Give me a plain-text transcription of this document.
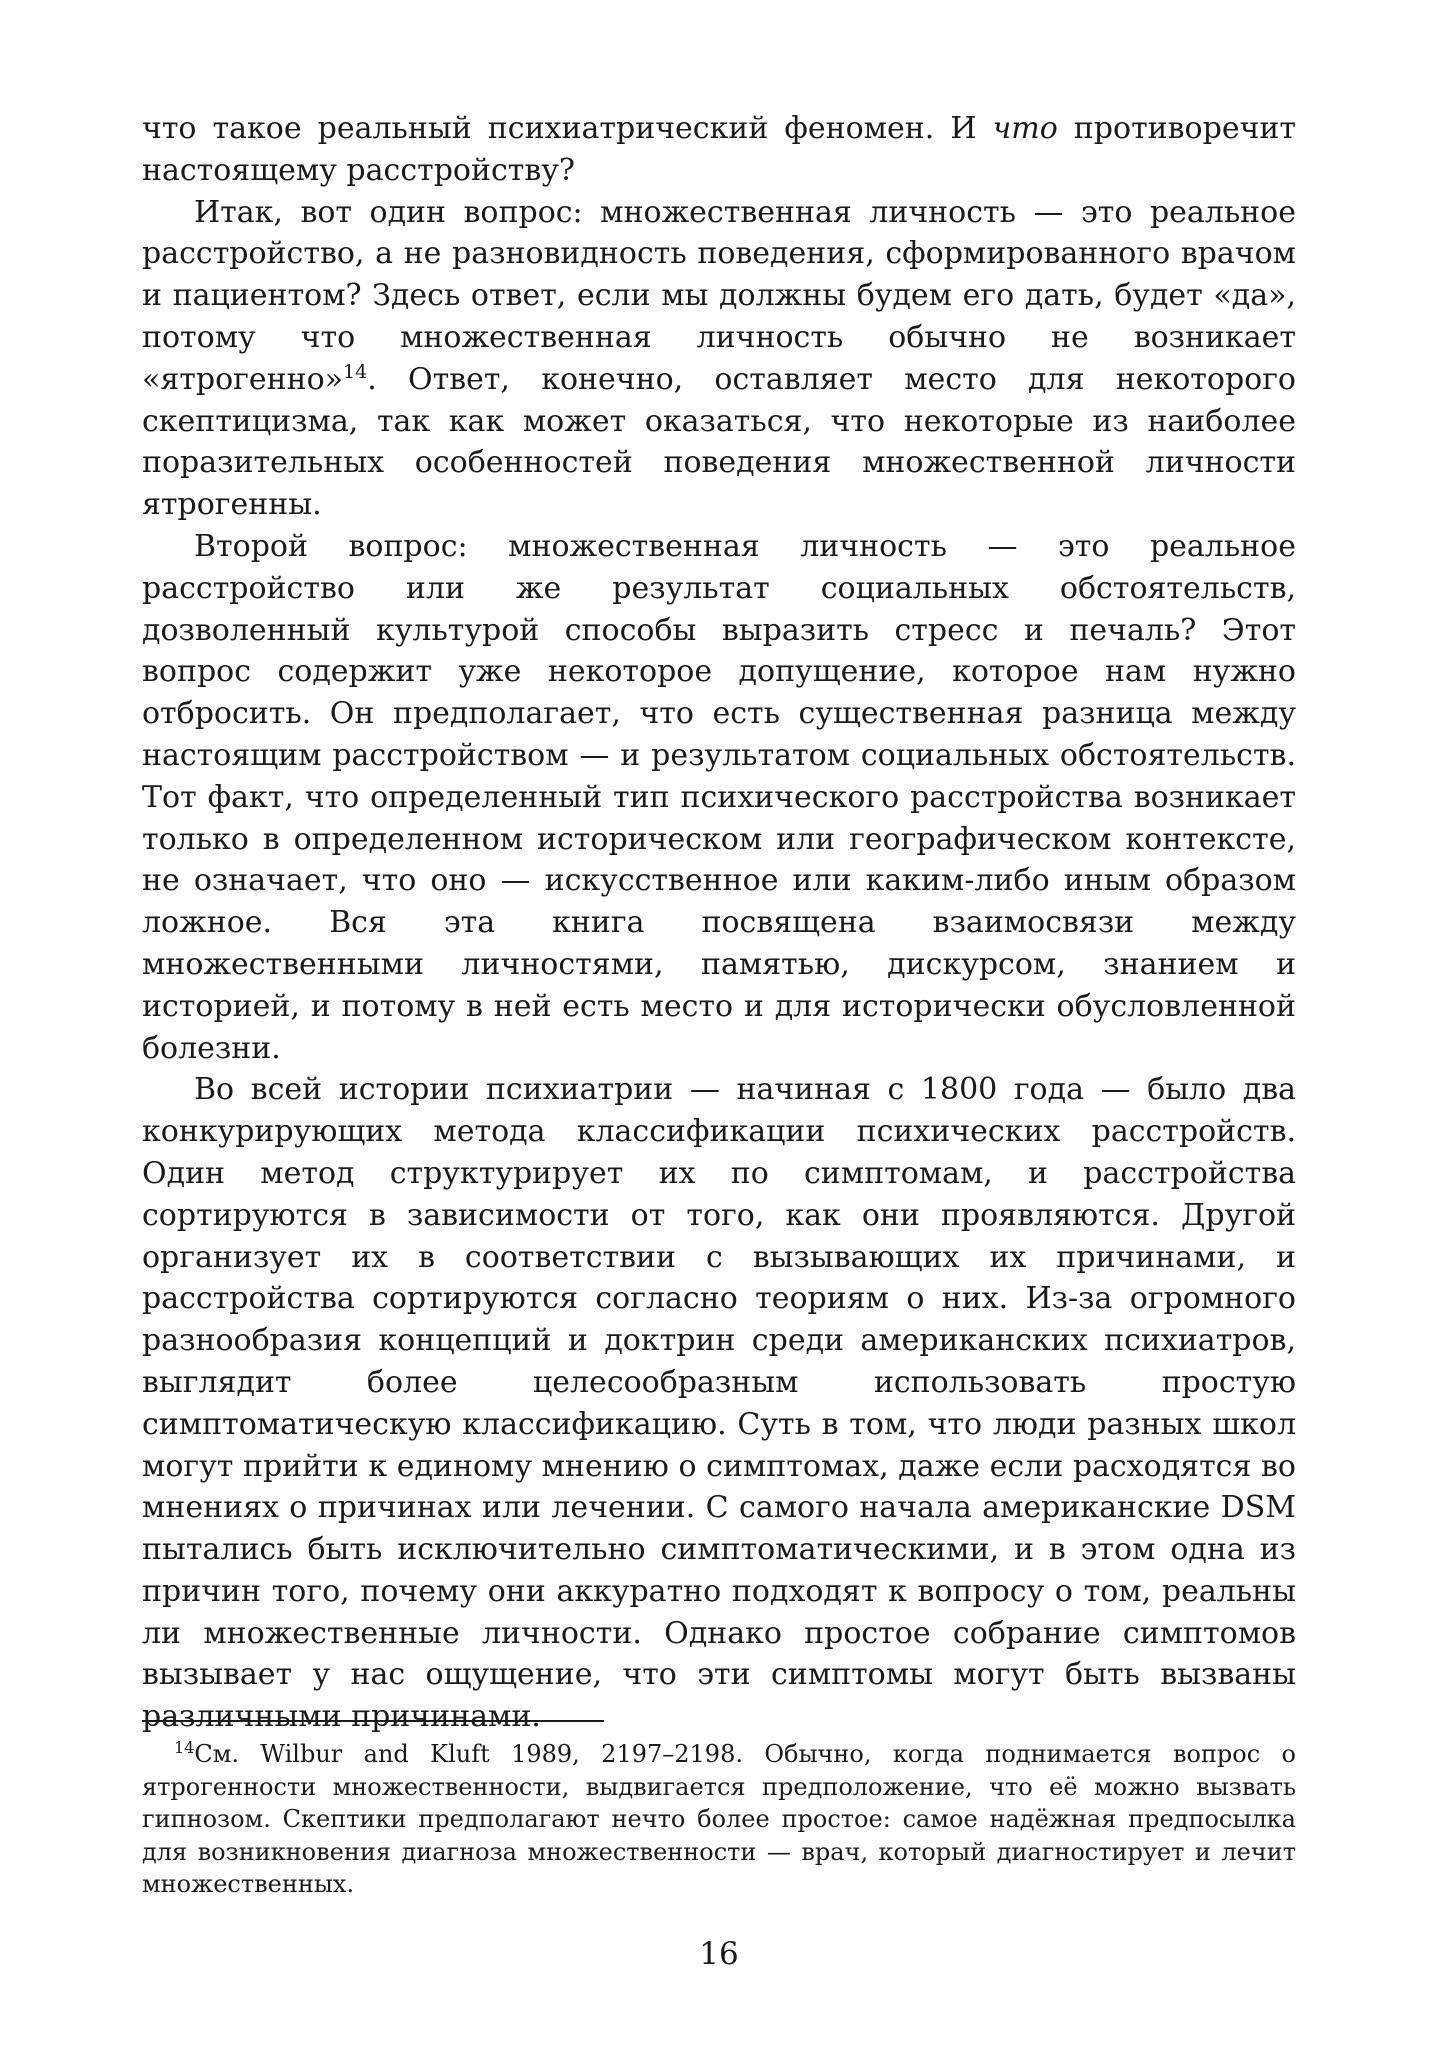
что такое реальный психиатрический феномен. И что противоречит настоящему расстройству?

Итак, вот один вопрос: множественная личность — это реальное расстройство, а не разновидность поведения, сформированного врачом и пациентом? Здесь ответ, если мы должны будем его дать, будет «да», потому что множественная личность обычно не возникает «ятрогенно»$^{14}$. Ответ, конечно, оставляет место для некоторого скептицизма, так как может оказаться, что некоторые из наиболее поразительных особенностей поведения множественной личности ятрогенны.

Второй вопрос: множественная личность — это реальное расстройство или же результат социальных обстоятельств, дозволенный культурой способы выразить стресс и печаль? Этот вопрос содержит уже некоторое допущение, которое нам нужно отбросить. Он предполагает, что есть существенная разница между настоящим расстройством — и результатом социальных обстоятельств. Тот факт, что определенный тип психического расстройства возникает только в определенном историческом или географическом контексте, не означает, что оно — искусственное или каким-либо иным образом ложное. Вся эта книга посвящена взаимосвязи между множественными личностями, памятью, дискурсом, знанием и историей, и потому в ней есть место и для исторически обусловленной болезни.

Во всей истории психиатрии — начиная с 1800 года — было два конкурирующих метода классификации психических расстройств. Один метод структурирует их по симптомам, и расстройства сортируются в зависимости от того, как они проявляются. Другой организует их в соответствии с вызывающих их причинами, и расстройства сортируются согласно теориям о них. Из-за огромного разнообразия концепций и доктрин среди американских психиатров, выглядит более целесообразным использовать простую симптоматическую классификацию. Суть в том, что люди разных школ могут прийти к единому мнению о симптомах, даже если расходятся во мнениях о причинах или лечении. С самого начала американские DSM пытались быть исключительно симптоматическими, и в этом одна из причин того, почему они аккуратно подходят к вопросу о том, реальны ли множественные личности. Однако простое собрание симптомов вызывает у нас ощущение, что эти симптомы могут быть вызваны различными причинами.

$^{14}$См. Wilbur and Kluft 1989, 2197–2198. Обычно, когда поднимается вопрос о ятрогенности множественности, выдвигается предположение, что её можно вызвать гипнозом. Скептики предполагают нечто более простое: самое надёжная предпосылка для возникновения диагноза множественности — врач, который диагностирует и лечит множественных.

16
